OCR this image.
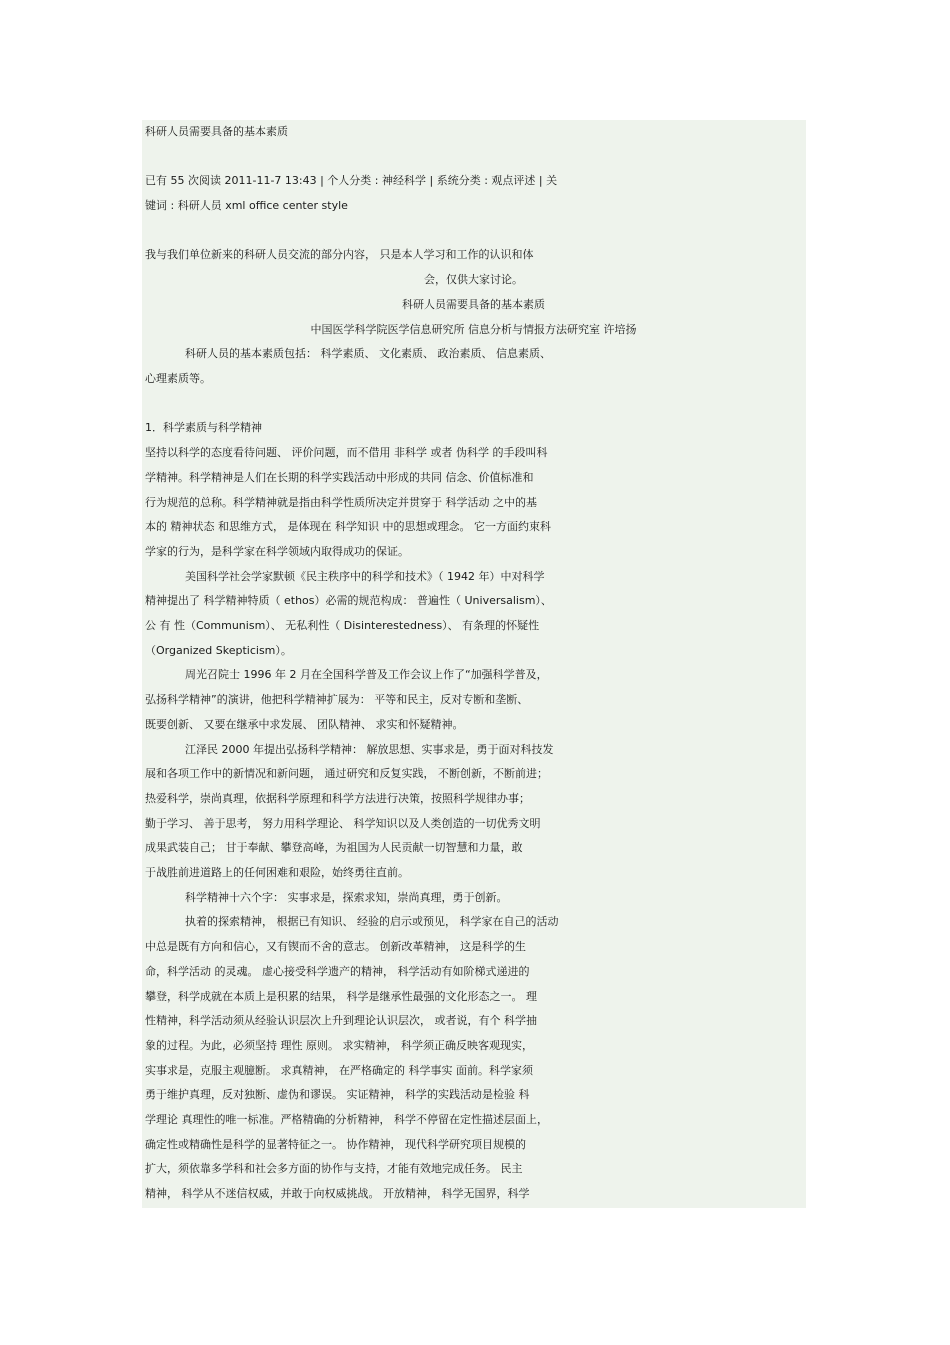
科研人员需要具备的基本素质

已有 55 次阅读 2011-11-7 13:43 | 个人分类 : 神经科学 | 系统分类 : 观点评述 | 关

键词 : 科研人员 xml office center style

我与我们单位新来的科研人员交流的部分内容， 只是本人学习和工作的认识和体

会，仅供大家讨论。

科研人员需要具备的基本素质

中国医学科学院医学信息研究所 信息分析与情报方法研究室 许培扬

科研人员的基本素质包括： 科学素质、 文化素质、 政治素质、 信息素质、

心理素质等。

1．科学素质与科学精神

坚持以科学的态度看待问题、 评价问题，而不借用 非科学 或者 伪科学 的手段叫科

学精神。科学精神是人们在长期的科学实践活动中形成的共同 信念、价值标准和

行为规范的总称。科学精神就是指由科学性质所决定并贯穿于 科学活动 之中的基

本的 精神状态 和思维方式， 是体现在 科学知识 中的思想或理念。 它一方面约束科

学家的行为，是科学家在科学领域内取得成功的保证。

美国科学社会学家默顿《民主秩序中的科学和技术》（ 1942 年）中对科学

精神提出了 科学精神特质（ ethos）必需的规范构成： 普遍性（ Universalism）、

公 有 性（Communism）、 无私利性（ Disinterestedness）、 有条理的怀疑性

（Organized Skepticism）。

周光召院士 1996 年 2 月在全国科学普及工作会议上作了“加强科学普及，

弘扬科学精神”的演讲，他把科学精神扩展为： 平等和民主，反对专断和垄断、

既要创新、 又要在继承中求发展、 团队精神、 求实和怀疑精神。

江泽民 2000 年提出弘扬科学精神： 解放思想、实事求是，勇于面对科技发

展和各项工作中的新情况和新问题， 通过研究和反复实践， 不断创新，不断前进；

热爱科学，崇尚真理，依据科学原理和科学方法进行决策，按照科学规律办事；

勤于学习、 善于思考， 努力用科学理论、 科学知识以及人类创造的一切优秀文明

成果武装自己； 甘于奉献、攀登高峰，为祖国为人民贡献一切智慧和力量，敢

于战胜前进道路上的任何困难和艰险，始终勇往直前。

科学精神十六个字： 实事求是，探索求知，崇尚真理，勇于创新。

执着的探索精神， 根据已有知识、 经验的启示或预见， 科学家在自己的活动

中总是既有方向和信心，又有锲而不舍的意志。 创新改革精神， 这是科学的生

命，科学活动 的灵魂。 虚心接受科学遗产的精神， 科学活动有如阶梯式递进的

攀登，科学成就在本质上是积累的结果， 科学是继承性最强的文化形态之一。 理

性精神，科学活动须从经验认识层次上升到理论认识层次， 或者说，有个 科学抽

象的过程。为此，必须坚持 理性 原则。 求实精神， 科学须正确反映客观现实，

实事求是，克服主观臆断。 求真精神， 在严格确定的 科学事实 面前。科学家须

勇于维护真理，反对独断、虚伪和谬误。 实证精神， 科学的实践活动是检验 科

学理论 真理性的唯一标准。严格精确的分析精神， 科学不停留在定性描述层面上，

确定性或精确性是科学的显著特征之一。 协作精神， 现代科学研究项目规模的

扩大，须依靠多学科和社会多方面的协作与支持，才能有效地完成任务。 民主

精神， 科学从不迷信权威，并敢于向权威挑战。 开放精神， 科学无国界，科学
